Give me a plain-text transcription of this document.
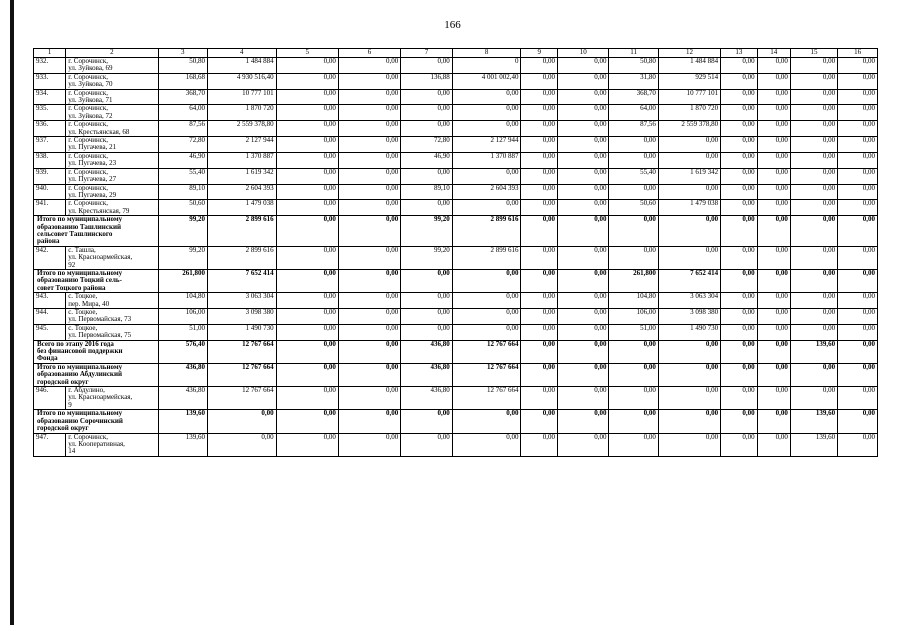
166
1	2	3	4	5	6	7	8	9	10	11	12	13	14	15	16
932.	г. Сорочинск,
ул. Зуйкова, 69	50,80	1 484 884	0,00	0,00	0,00	0	0,00	0,00	50,80	1 484 884	0,00	0,00	0,00	0,00
933.	г. Сорочинск,
ул. Зуйкова, 70	168,68	4 930 516,40	0,00	0,00	136,88	4 001 002,40	0,00	0,00	31,80	929 514	0,00	0,00	0,00	0,00
934.	г. Сорочинск,
ул. Зуйкова, 71	368,70	10 777 101	0,00	0,00	0,00	0,00	0,00	0,00	368,70	10 777 101	0,00	0,00	0,00	0,00
935.	г. Сорочинск,
ул. Зуйкова, 72	64,00	1 870 720	0,00	0,00	0,00	0,00	0,00	0,00	64,00	1 870 720	0,00	0,00	0,00	0,00
936.	г. Сорочинск,
ул. Крестьянская, 68	87,56	2 559 378,80	0,00	0,00	0,00	0,00	0,00	0,00	87,56	2 559 378,80	0,00	0,00	0,00	0,00
937.	г. Сорочинск,
ул. Пугачева, 21	72,80	2 127 944	0,00	0,00	72,80	2 127 944	0,00	0,00	0,00	0,00	0,00	0,00	0,00	0,00
938.	г. Сорочинск,
ул. Пугачева, 23	46,90	1 370 887	0,00	0,00	46,90	1 370 887	0,00	0,00	0,00	0,00	0,00	0,00	0,00	0,00
939.	г. Сорочинск,
ул. Пугачева, 27	55,40	1 619 342	0,00	0,00	0,00	0,00	0,00	0,00	55,40	1 619 342	0,00	0,00	0,00	0,00
940.	г. Сорочинск,
ул. Пугачева, 29	89,10	2 604 393	0,00	0,00	89,10	2 604 393	0,00	0,00	0,00	0,00	0,00	0,00	0,00	0,00
941.	г. Сорочинск,
ул. Крестьянская, 79	50,60	1 479 038	0,00	0,00	0,00	0,00	0,00	0,00	50,60	1 479 038	0,00	0,00	0,00	0,00
Итого по муниципальному
образованию Ташлинский
сельсовет Ташлинского
района		99,20	2 899 616	0,00	0,00	99,20	2 899 616	0,00	0,00	0,00	0,00	0,00	0,00	0,00	0,00
942.	с. Ташла,
ул. Красноармейская,
92	99,20	2 899 616	0,00	0,00	99,20	2 899 616	0,00	0,00	0,00	0,00	0,00	0,00	0,00	0,00
Итого по муниципальному
образованию Тоцкий сель-
совет Тоцкого района		261,800	7 652 414	0,00	0,00	0,00	0,00	0,00	0,00	261,800	7 652 414	0,00	0,00	0,00	0,00
943.	с. Тоцкое,
пер. Мира, 40	104,80	3 063 304	0,00	0,00	0,00	0,00	0,00	0,00	104,80	3 063 304	0,00	0,00	0,00	0,00
944.	с. Тоцкое,
ул. Первомайская, 73	106,00	3 098 380	0,00	0,00	0,00	0,00	0,00	0,00	106,00	3 098 380	0,00	0,00	0,00	0,00
945.	с. Тоцкое,
ул. Первомайская, 75	51,00	1 490 730	0,00	0,00	0,00	0,00	0,00	0,00	51,00	1 490 730	0,00	0,00	0,00	0,00
Всего по этапу 2016 года
без финансовой поддержки
Фонда		576,40	12 767 664	0,00	0,00	436,80	12 767 664	0,00	0,00	0,00	0,00	0,00	0,00	139,60	0,00
Итого по муниципальному
образованию Абдулинский
городской округ		436,80	12 767 664	0,00	0,00	436,80	12 767 664	0,00	0,00	0,00	0,00	0,00	0,00	0,00	0,00
946.	г. Абдулино,
ул. Красноармейская,
9	436,80	12 767 664	0,00	0,00	436,80	12 767 664	0,00	0,00	0,00	0,00	0,00	0,00	0,00	0,00
Итого по муниципальному
образованию Сорочинский
городской округ		139,60	0,00	0,00	0,00	0,00	0,00	0,00	0,00	0,00	0,00	0,00	0,00	139,60	0,00
947.	г. Сорочинск,
ул. Кооперативная,
14	139,60	0,00	0,00	0,00	0,00	0,00	0,00	0,00	0,00	0,00	0,00	0,00	139,60	0,00
